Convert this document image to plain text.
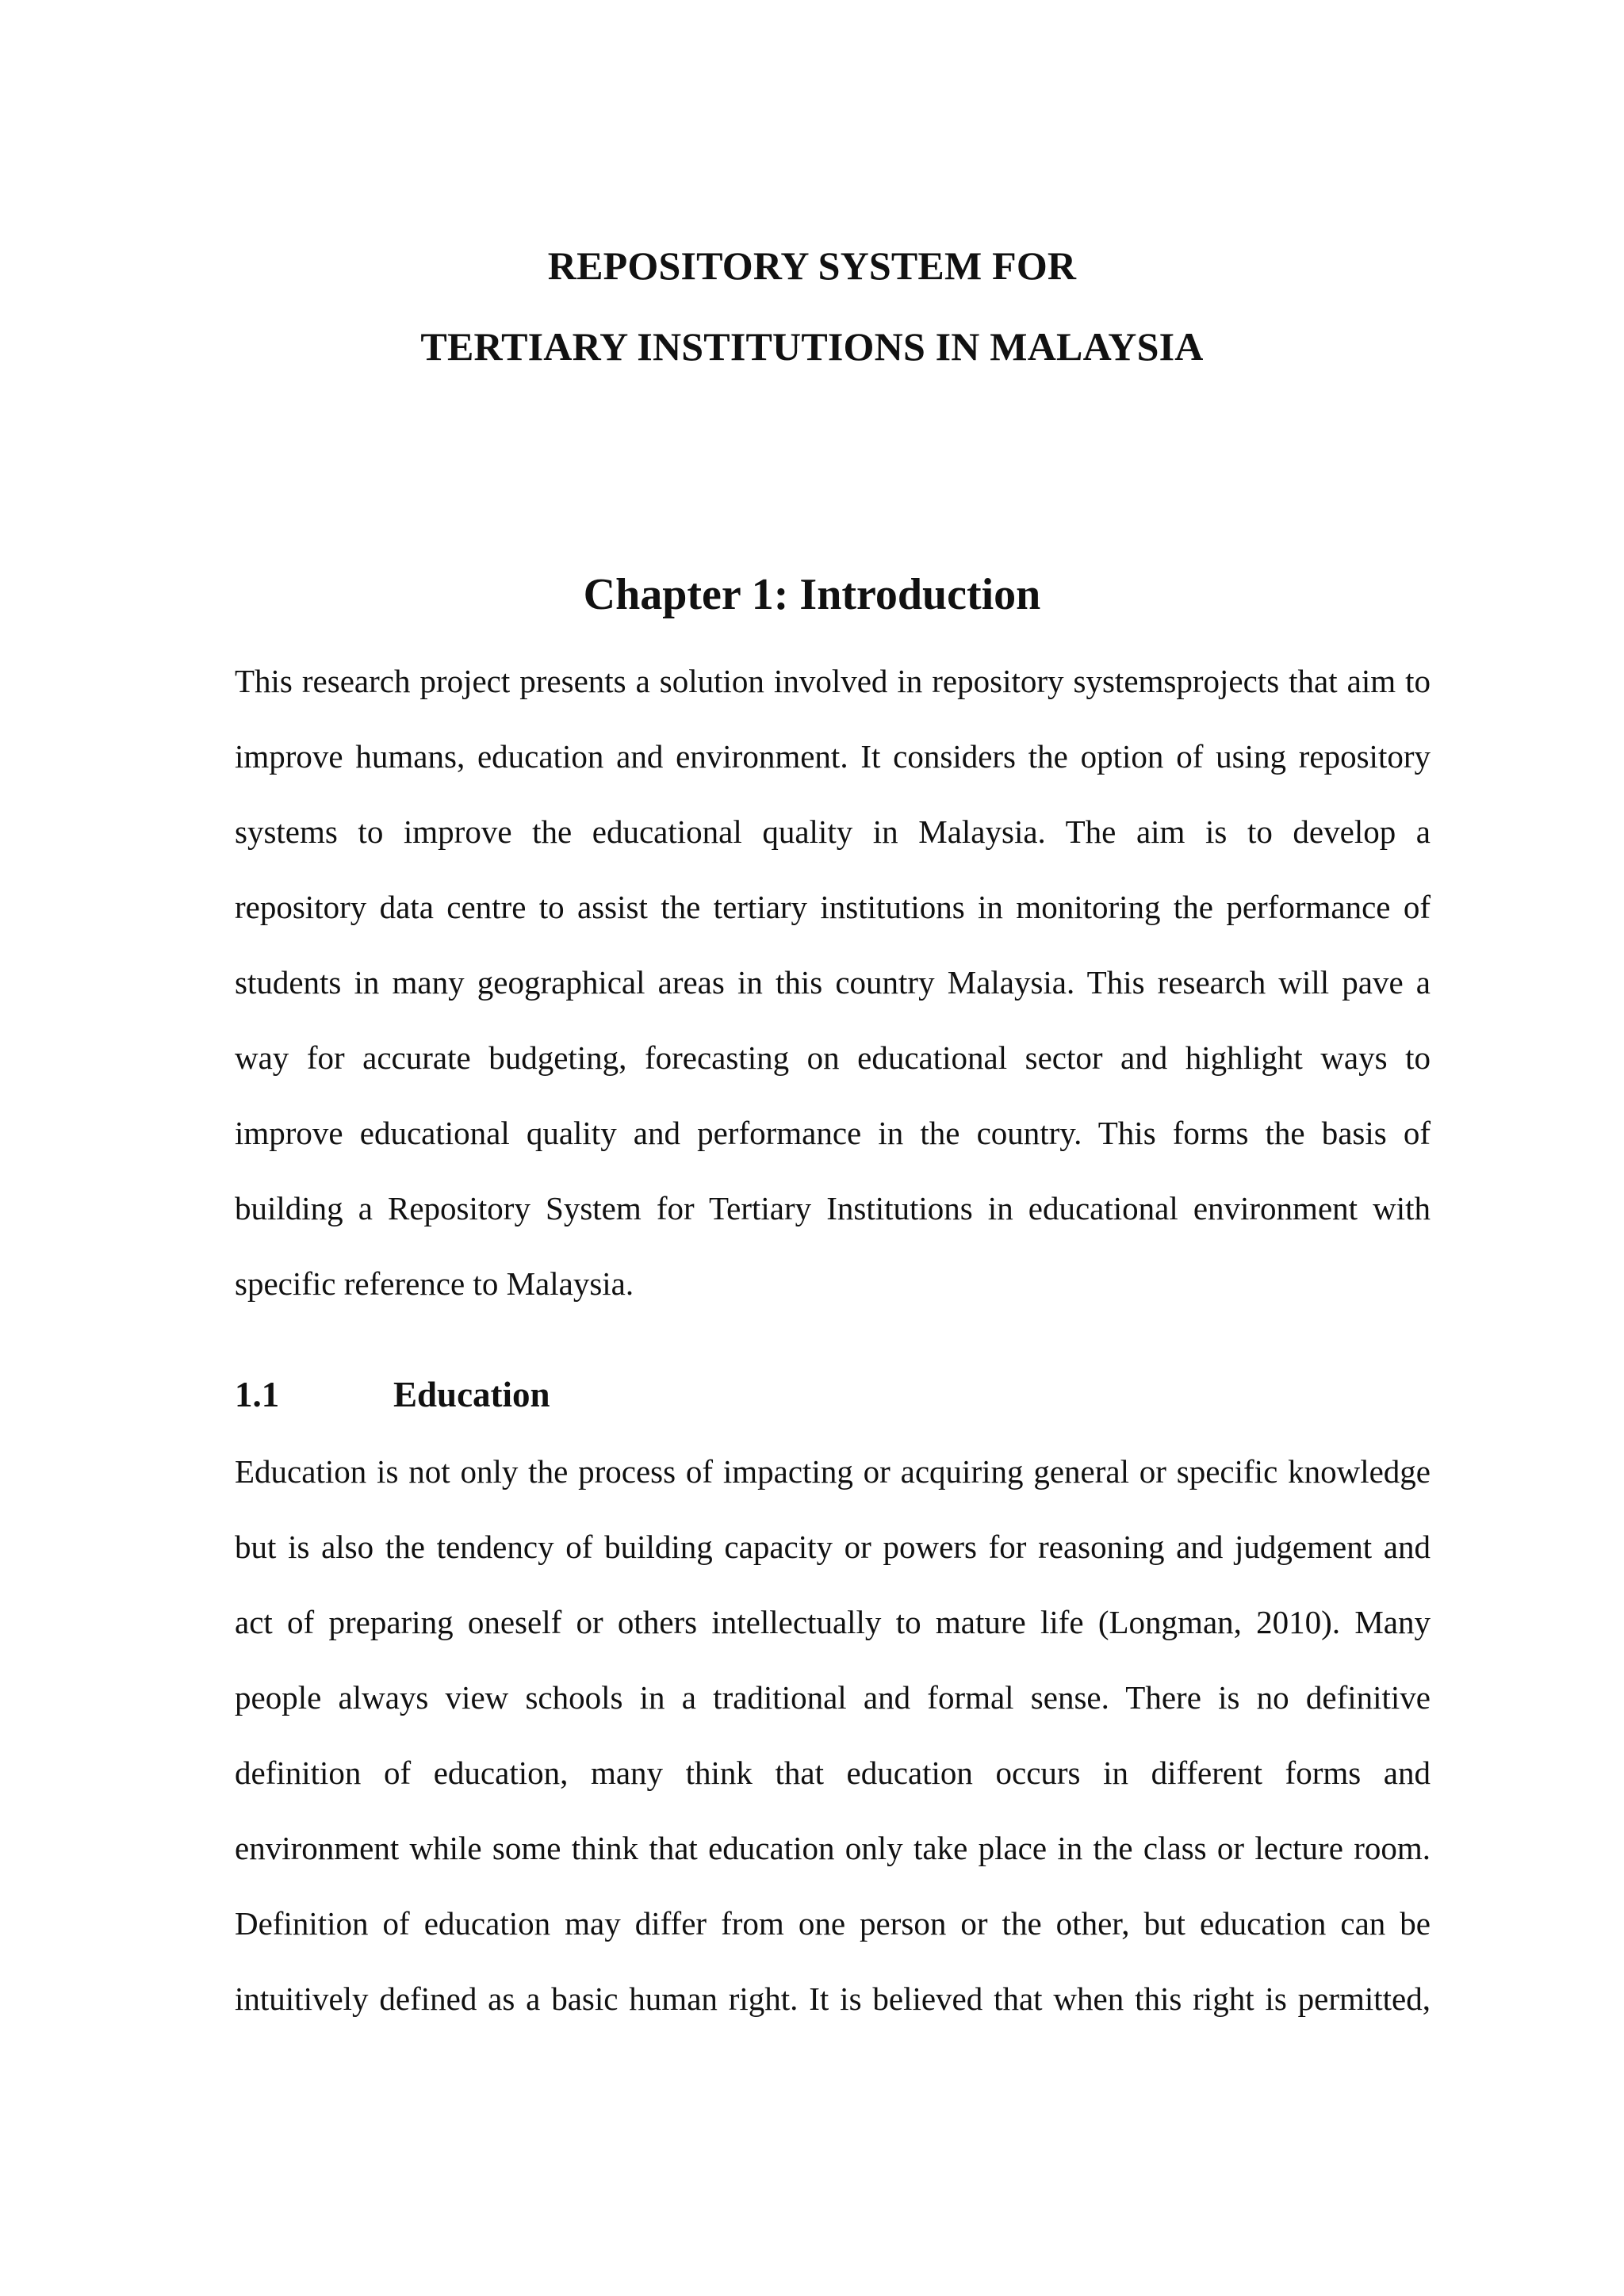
REPOSITORY SYSTEM FOR
TERTIARY INSTITUTIONS IN MALAYSIA
Chapter 1: Introduction
This research project presents a solution involved in repository systemsprojects that aim to
improve humans, education and environment. It considers the option of using repository
systems to improve the educational quality in Malaysia. The aim is to develop a
repository data centre to assist the tertiary institutions in monitoring the performance of
students in many geographical areas in this country Malaysia. This research will pave a
way for accurate budgeting, forecasting on educational sector and highlight ways to
improve educational quality and performance in the country. This forms the basis of
building a Repository System for Tertiary Institutions in educational environment with
specific reference to Malaysia.
1.1	Education
Education is not only the process of impacting or acquiring general or specific knowledge
but is also the tendency of building capacity or powers for reasoning and judgement and
act of preparing oneself or others intellectually to mature life (Longman, 2010). Many
people always view schools in a traditional and formal sense. There is no definitive
definition of education, many think that education occurs in different forms and
environment while some think that education only take place in the class or lecture room.
Definition of education may differ from one person or the other, but education can be
intuitively defined as a basic human right. It is believed that when this right is permitted,
